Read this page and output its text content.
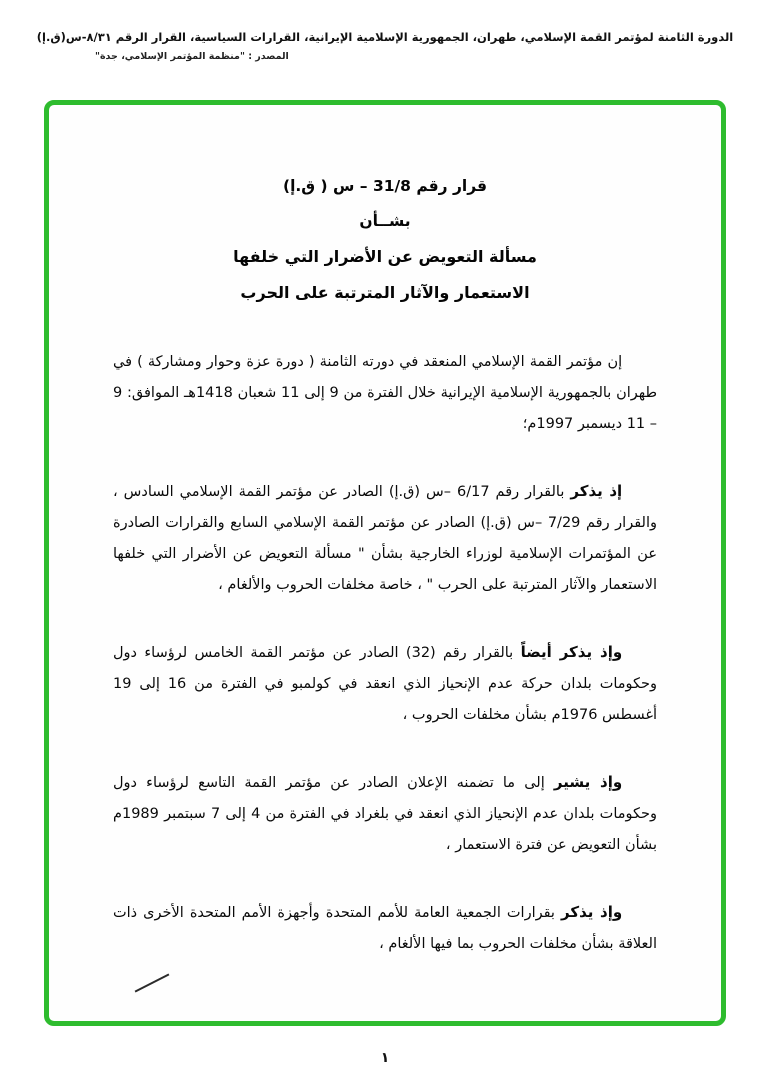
الدورة الثامنة لمؤتمر القمة الإسلامي، طهران، الجمهورية الإسلامية الإيرانية، القرارات السياسية، القرار الرقم ٨/٣١-س(ق.إ)
المصدر : "منظمة المؤتمر الإسلامي، جدة"
قرار رقم 31/8 – س ( ق.إ)
بشــأن
مسألة التعويض عن الأضرار التي خلفها
الاستعمار والآثار المترتبة على الحرب

إن مؤتمر القمة الإسلامي المنعقد في دورته الثامنة ( دورة عزة وحوار ومشاركة ) في طهران بالجمهورية الإسلامية الإيرانية خلال الفترة من 9 إلى 11 شعبان 1418هـ الموافق: 9 – 11 ديسمبر 1997م؛

إذ يذكر بالقرار رقم 6/17 –س (ق.إ) الصادر عن مؤتمر القمة الإسلامي السادس ، والقرار رقم 7/29 –س (ق.إ) الصادر عن مؤتمر القمة الإسلامي السابع والقرارات الصادرة عن المؤتمرات الإسلامية لوزراء الخارجية بشأن " مسألة التعويض عن الأضرار التي خلفها الاستعمار والآثار المترتبة على الحرب " ، خاصة مخلفات الحروب والألغام ،

وإذ يذكر أيضاً بالقرار رقم (32) الصادر عن مؤتمر القمة الخامس لرؤساء دول وحكومات بلدان حركة عدم الإنحياز الذي انعقد في كولمبو في الفترة من 16 إلى 19 أغسطس 1976م بشأن مخلفات الحروب ،

وإذ يشير إلى ما تضمنه الإعلان الصادر عن مؤتمر القمة التاسع لرؤساء دول وحكومات بلدان عدم الإنحياز الذي انعقد في بلغراد في الفترة من 4 إلى 7 سبتمبر 1989م بشأن التعويض عن فترة الاستعمار ،

وإذ يذكر بقرارات الجمعية العامة للأمم المتحدة وأجهزة الأمم المتحدة الأخرى ذات العلاقة بشأن مخلفات الحروب بما فيها الألغام ،

١
